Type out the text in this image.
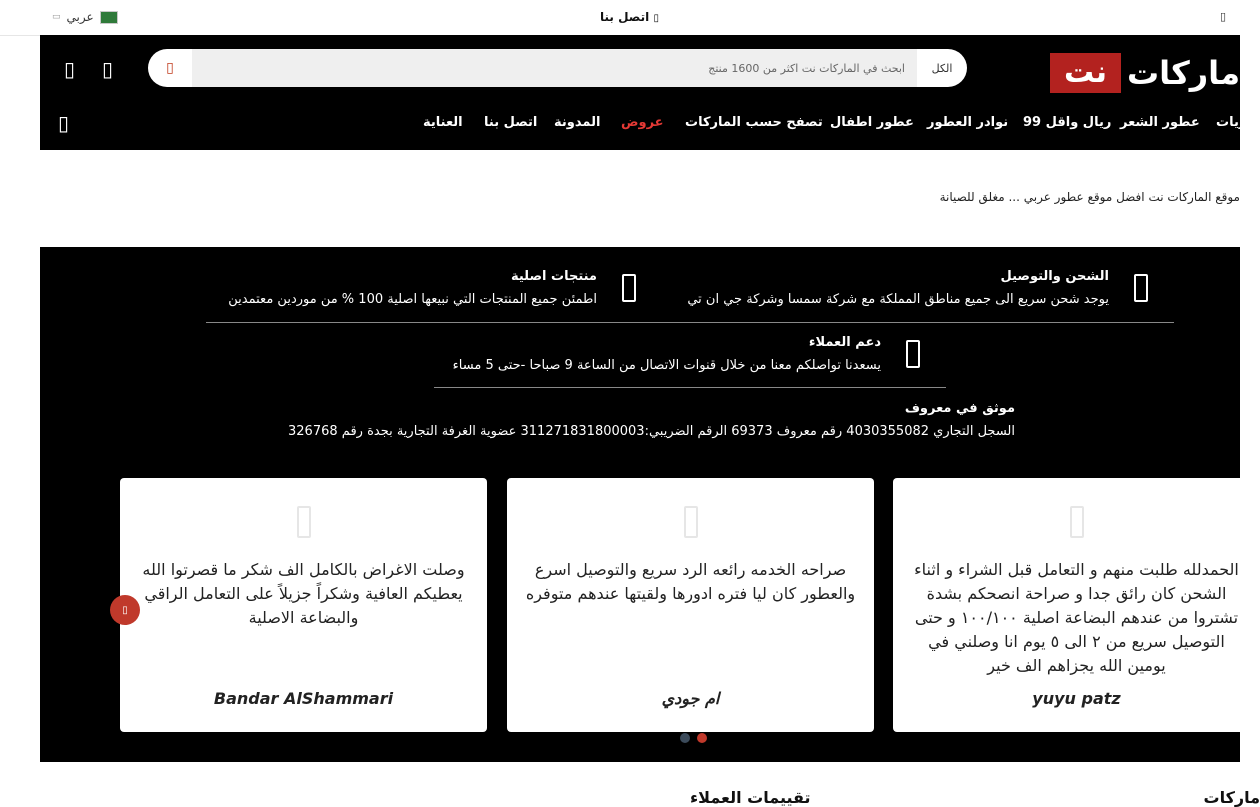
▭ عربي	اتصل بنا ▯	▯
ماركات
نت
▯	ابحث في الماركات نت اكثر من 1600 منتج الكل
▯ ▯
▯	ريات
عطور الشعر
99 ريال واقل
نوادر العطور
عطور اطفال
تصفح حسب الماركات
عروض
المدونة
اتصل بنا
العناية
موقع الماركات نت افضل موقع عطور عربي ... مغلق للصيانة
الشحن والتوصيل
يوجد شحن سريع الى جميع مناطق المملكة مع شركة سمسا وشركة جي ان تي
منتجات اصلية
اطمئن جميع المنتجات التي نبيعها اصلية 100 % من موردين معتمدين
دعم العملاء
يسعدنا تواصلكم معنا من خلال قنوات الاتصال من الساعة 9 صباحا -حتى 5 مساء
موثق في معروف
السجل التجاري 4030355082 رقم معروف 69373 الرقم الضريبي:311271831800003 عضوية الغرفة التجارية بجدة رقم 326768
الحمدلله طلبت منهم و التعامل قبل الشراء و اثناء الشحن كان رائق جدا و صراحة انصحكم بشدة تشتروا من عندهم البضاعة اصلية ١٠٠/١٠٠ و حتى التوصيل سريع من ٢ الى ٥ يوم انا وصلني في يومين الله يجزاهم الف خير
yuyu patz
صراحه الخدمه رائعه الرد سريع والتوصيل اسرع والعطور كان ليا فتره ادورها ولقيتها عندهم متوفره
ام جودي
وصلت الاغراض بالكامل الف شكر ما قصرتوا الله يعطيكم العافية وشكراً جزيلاً على التعامل الراقي والبضاعة الاصلية
Bandar AlShammari
▯
تقييمات العملاء	ماركات
